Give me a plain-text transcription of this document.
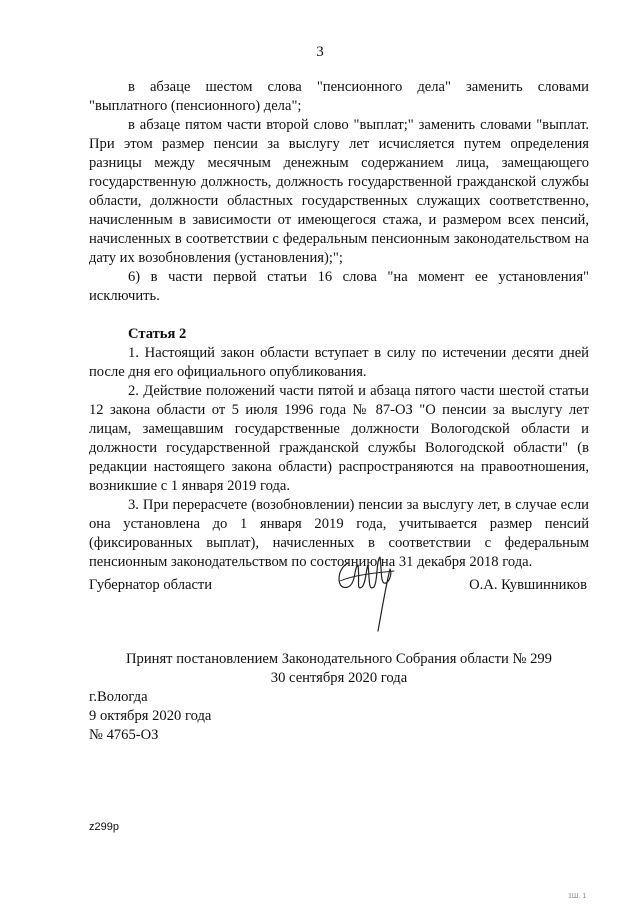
3

в абзаце шестом слова "пенсионного дела" заменить словами "выплатного (пенсионного) дела";

в абзаце пятом части второй слово "выплат;" заменить словами "выплат. При этом размер пенсии за выслугу лет исчисляется путем определения разницы между месячным денежным содержанием лица, замещающего государственную должность, должность государственной гражданской службы области, должности областных государственных служащих соответственно, начисленным в зависимости от имеющегося стажа, и размером всех пенсий, начисленных в соответствии с федеральным пенсионным законодательством на дату их возобновления (установления);";

6) в части первой статьи 16 слова "на момент ее установления" исключить.

Статья 2

1. Настоящий закон области вступает в силу по истечении десяти дней после дня его официального опубликования.

2. Действие положений части пятой и абзаца пятого части шестой статьи 12 закона области от 5 июля 1996 года № 87-ОЗ "О пенсии за выслугу лет лицам, замещавшим государственные должности Вологодской области и должности государственной гражданской службы Вологодской области" (в редакции настоящего закона области) распространяются на правоотношения, возникшие с 1 января 2019 года.

3. При перерасчете (возобновлении) пенсии за выслугу лет, в случае если она установлена до 1 января 2019 года, учитывается размер пенсий (фиксированных выплат), начисленных в соответствии с федеральным пенсионным законодательством по состоянию на 31 декабря 2018 года.

Губернатор области	О.А. Кувшинников
Принят постановлением Законодательного Собрания области № 299
30 сентября 2020 года
г.Вологда
9 октября 2020 года
№ 4765-ОЗ
z299р
1Ш. 1
